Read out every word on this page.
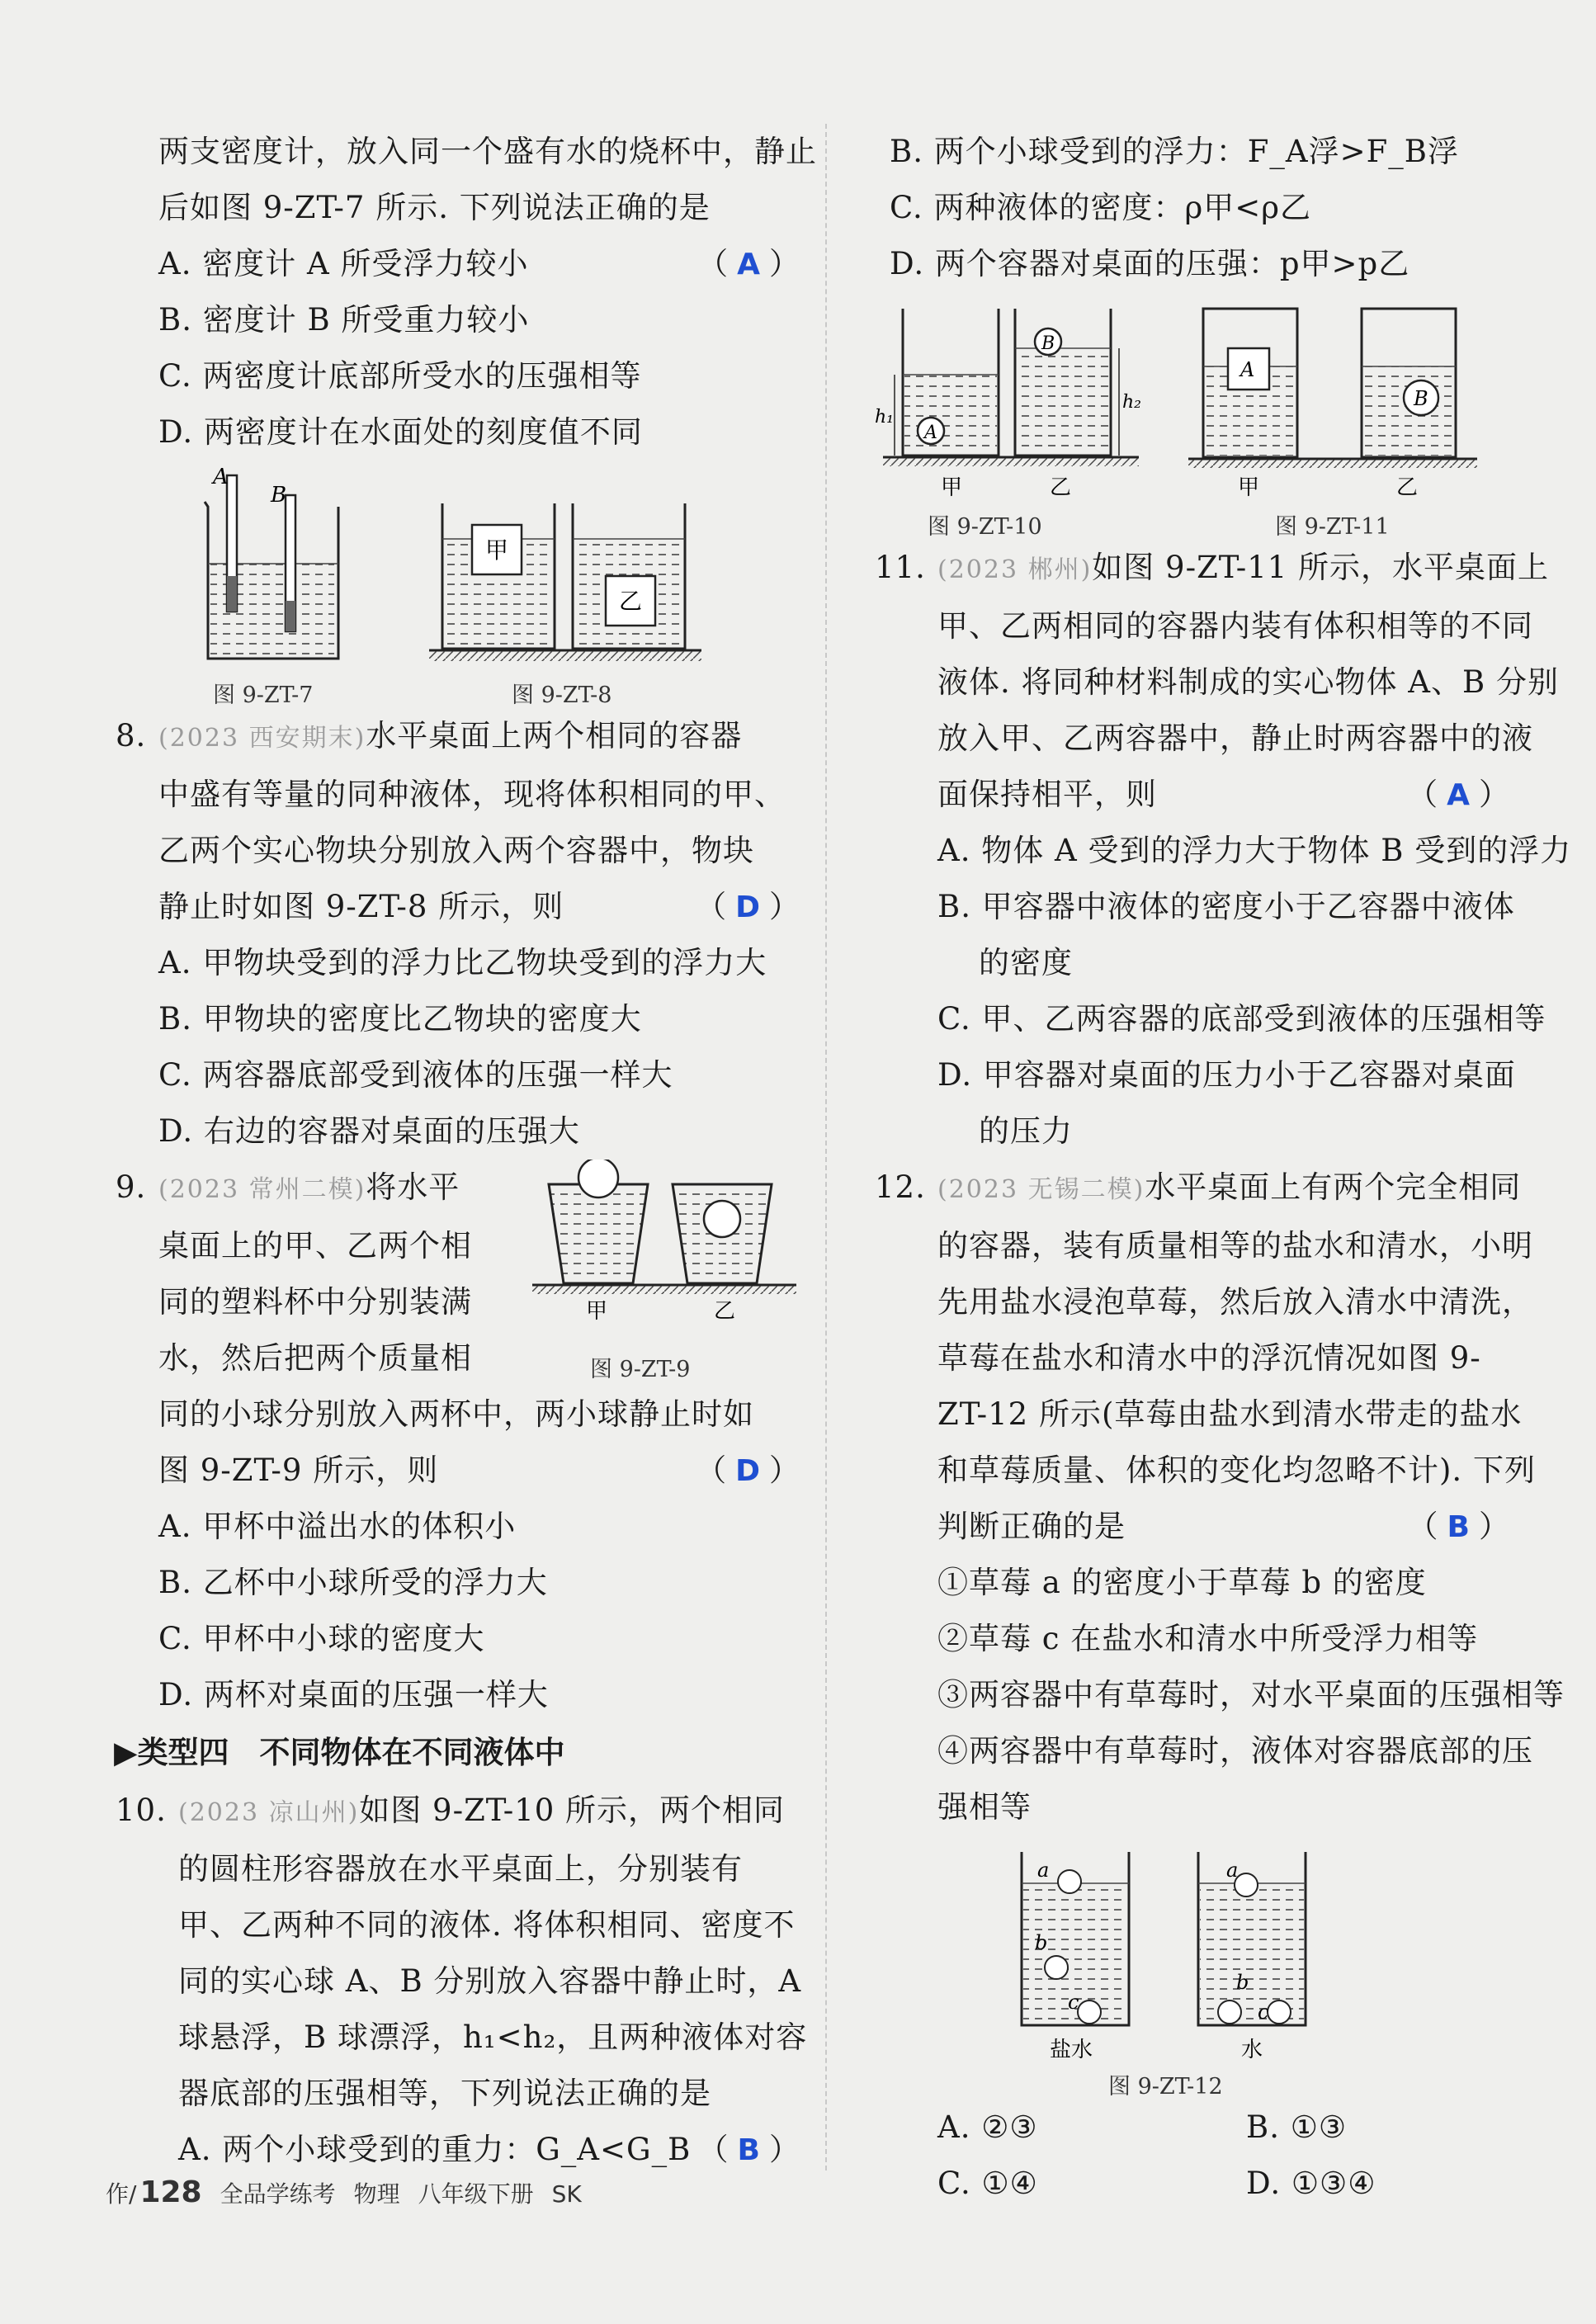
两支密度计，放入同一个盛有水的烧杯中，静止
后如图 9-ZT-7 所示. 下列说法正确的是
（ A ）
A. 密度计 A 所受浮力较小
B. 密度计 B 所受重力较小
C. 两密度计底部所受水的压强相等
D. 两密度计在水面处的刻度值不同
A
B
甲
乙
图 9-ZT-7	图 9-ZT-8
8. (2023 西安期末)水平桌面上两个相同的容器
中盛有等量的同种液体，现将体积相同的甲、
乙两个实心物块分别放入两个容器中，物块
静止时如图 9-ZT-8 所示，则	（ D ）
A. 甲物块受到的浮力比乙物块受到的浮力大
B. 甲物块的密度比乙物块的密度大
C. 两容器底部受到液体的压强一样大
D. 右边的容器对桌面的压强大
9. (2023 常州二模)将水平
桌面上的甲、乙两个相
同的塑料杯中分别装满
水，然后把两个质量相
甲	乙
图 9-ZT-9
同的小球分别放入两杯中，两小球静止时如
图 9-ZT-9 所示，则	（ D ）
A. 甲杯中溢出水的体积小
B. 乙杯中小球所受的浮力大
C. 甲杯中小球的密度大
D. 两杯对桌面的压强一样大
▶类型四　不同物体在不同液体中
10. (2023 凉山州)如图 9-ZT-10 所示，两个相同
的圆柱形容器放在水平桌面上，分别装有
甲、乙两种不同的液体. 将体积相同、密度不
同的实心球 A、B 分别放入容器中静止时，A
球悬浮，B 球漂浮，h₁<h₂，且两种液体对容
器底部的压强相等，下列说法正确的是
（ B ）
A. 两个小球受到的重力：G_A<G_B
B. 两个小球受到的浮力：F_A浮>F_B浮
C. 两种液体的密度：ρ甲<ρ乙
D. 两个容器对桌面的压强：p甲>p乙
A
h₁
B
h₂
甲	乙
A
B
甲	乙
图 9-ZT-10	图 9-ZT-11
11. (2023 郴州)如图 9-ZT-11 所示，水平桌面上
甲、乙两相同的容器内装有体积相等的不同
液体. 将同种材料制成的实心物体 A、B 分别
放入甲、乙两容器中，静止时两容器中的液
面保持相平，则	（ A ）
A. 物体 A 受到的浮力大于物体 B 受到的浮力
B. 甲容器中液体的密度小于乙容器中液体
的密度
C. 甲、乙两容器的底部受到液体的压强相等
D. 甲容器对桌面的压力小于乙容器对桌面
的压力
12. (2023 无锡二模)水平桌面上有两个完全相同
的容器，装有质量相等的盐水和清水，小明
先用盐水浸泡草莓，然后放入清水中清洗，
草莓在盐水和清水中的浮沉情况如图 9-
ZT-12 所示(草莓由盐水到清水带走的盐水
和草莓质量、体积的变化均忽略不计). 下列
判断正确的是	（ B ）
①草莓 a 的密度小于草莓 b 的密度
②草莓 c 在盐水和清水中所受浮力相等
③两容器中有草莓时，对水平桌面的压强相等
④两容器中有草莓时，液体对容器底部的压
强相等
a
b
c
盐水
a
b
c
水
图 9-ZT-12
A. ②③	B. ①③
C. ①④	D. ①③④
作/ 128 全品学练考 物理 八年级下册 SK
